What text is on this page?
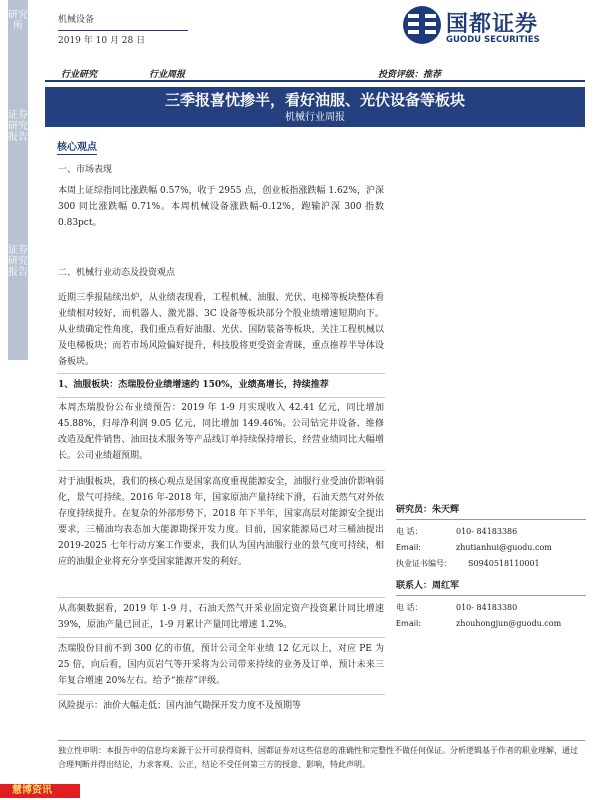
研究所
证券研究报告
证券研究报告
机械设备
2019 年 10 月 28 日
国都证券
GUODU SECURITIES
行业研究	行业周报	投资评级：推荐
三季报喜忧掺半，看好油服、光伏设备等板块
机械行业周报
核心观点
一、市场表现
本周上证综指同比涨跌幅 0.57%，收于 2955 点，创业板指涨跌幅 1.62%，沪深 300 同比涨跌幅 0.71%。本周机械设备涨跌幅-0.12%，跑输沪深 300 指数 0.83pct。
二、机械行业动态及投资观点
近期三季报陆续出炉，从业绩表现看，工程机械、油服、光伏、电梯等板块整体看业绩相对较好，而机器人、激光器、3C 设备等板块部分个股业绩增速短期向下。从业绩确定性角度，我们重点看好油服、光伏、国防装备等板块，关注工程机械以及电梯板块；而若市场风险偏好提升，科技股将更受资金青睐，重点推荐半导体设备板块。
1、油服板块：杰瑞股份业绩增速约 150%，业绩高增长，持续推荐
本周杰瑞股份公布业绩预告：2019 年 1-9 月实现收入 42.41 亿元，同比增加 45.88%，归母净利润 9.05 亿元，同比增加 149.46%。公司钻完井设备、维修改造及配件销售、油田技术服务等产品线订单持续保持增长，经营业绩同比大幅增长。公司业绩超预期。
对于油服板块，我们的核心观点是国家高度重视能源安全，油服行业受油价影响弱化，景气可持续。2016 年-2018 年，国家原油产量持续下滑，石油天然气对外依存度持续提升。在复杂的外部形势下，2018 年下半年，国家高层对能源安全提出要求，三桶油均表态加大能源勘探开发力度。目前，国家能源局已对三桶油提出 2019-2025 七年行动方案工作要求，我们认为国内油服行业的景气度可持续，相应的油服企业将充分享受国家能源开发的利好。
从高频数据看，2019 年 1-9 月，石油天然气开采业固定资产投资累计同比增速 39%，原油产量已回正，1-9 月累计产量同比增速 1.2%。
杰瑞股份目前不到 300 亿的市值，预计公司全年业绩 12 亿元以上，对应 PE 为 25 倍，向后看，国内页岩气等开采将为公司带来持续的业务及订单，预计未来三年复合增速 20%左右。给予“推荐”评级。
风险提示：油价大幅走低；国内油气勘探开发力度不及预期等
研究员：朱天辉
电 话：	010- 84183386
Email:	zhutianhui@guodu.com
执业证书编号：	S0940518110001
联系人：周红军
电 话：	010- 84183380
Email:	zhouhongjun@guodu.com
独立性申明：本报告中的信息均来源于公开可获得资料，国都证券对这些信息的准确性和完整性不做任何保证。分析逻辑基于作者的职业理解，通过合理判断并得出结论，力求客观、公正，结论不受任何第三方的授意、影响，特此声明。
慧博资讯
